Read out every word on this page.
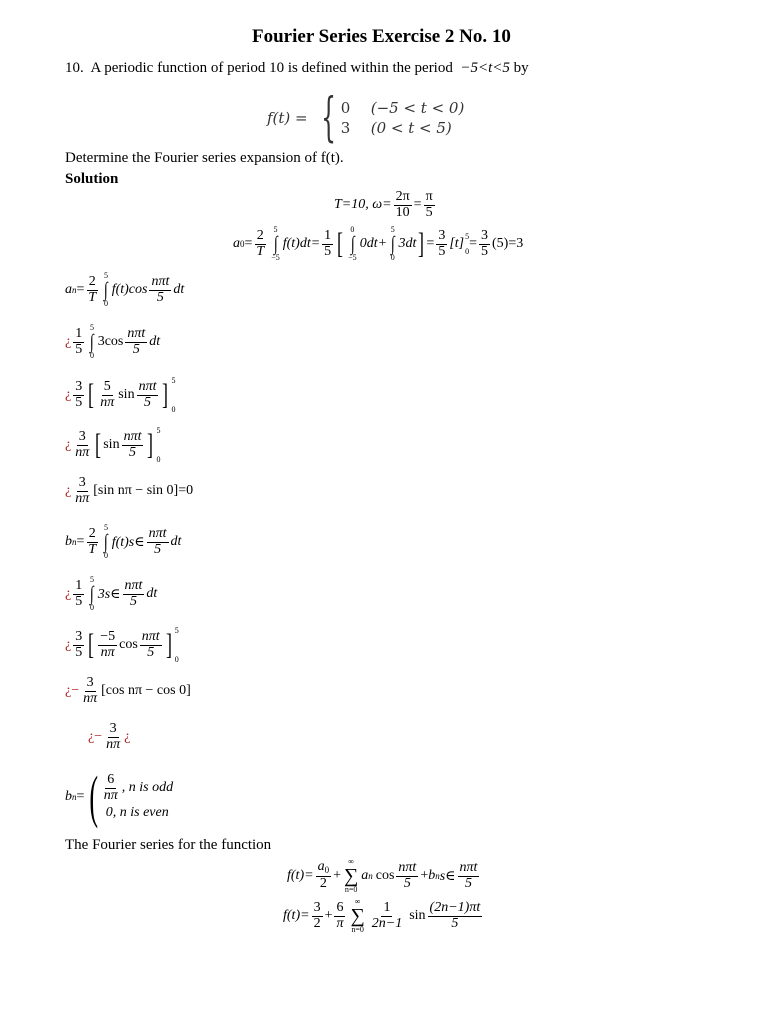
Fourier Series Exercise 2 No. 10
10. A periodic function of period 10 is defined within the period −5<t<5 by
f(t) = { 0 (−5 < t < 0)
3 (0 < t < 5)
Determine the Fourier series expansion of f(t).
Solution
T=10, $\omega= \frac{2\pi}{10} = \frac{\pi}{5}$
a $0 = \frac{2}{T} 5$
∫
−5
$f(t)dt= \frac{1}{5}$ [ 0
∫
−5
0dt+
5
∫
0
3dt ] = $\frac{3}{5} [t]$ 5
0
= $\frac{3}{5} (5)=3$
a $n = \frac{2}{T} 5$
∫
0
$f(t)\cos \frac{\text{nπt}}{5}$ dt
¿ $\frac{1}{5} 5$
∫
0
$3\cos \frac{\text{nπt}}{5}$ dt
¿ $\frac{3}{5}$ [ $\frac{5}{n\pi}$ $\sin \frac{\text{nπt}}{5}$ ] 5
0
¿ $\frac{3}{n\pi}$ [ $\sin \frac{\text{nπt}}{5}$ ] 5
0
¿ $\frac{3}{n\pi} [\sin$ nπ − sin 0]=0
b $n = \frac{2}{T} 5$
∫
0
f(t)s∈ $\frac{\text{nπt}}{5}$ dt
¿ $\frac{1}{5} 5$
∫
0
3s∈ $\frac{\text{nπt}}{5}$ dt
¿ $\frac{3}{5}$ [ $\frac{-5}{n\pi}$ $\cos \frac{\text{nπt}}{5}$ ] 5
0
¿− $\frac{3}{n\pi} [\cos$ nπ − cos 0]
¿− $\frac{3}{n\pi}$ ¿
b n = ( $\frac{6}{n\pi}$ , n is odd
0, n is even
The Fourier series for the function
$f(t)= \frac{a_0}{2}$ +
∞
∑
n=0
a n $\cos \frac{\text{nπt}}{5} + b$ n s∈ $\frac{\text{nπt}}{5}$
$f(t)= \frac{3}{2} + \frac{6}{\pi}$ ∞
∑
$n=0 \frac{1}{2n-1}$ $\sin \frac{(2n-1)\pi t}{5}$
